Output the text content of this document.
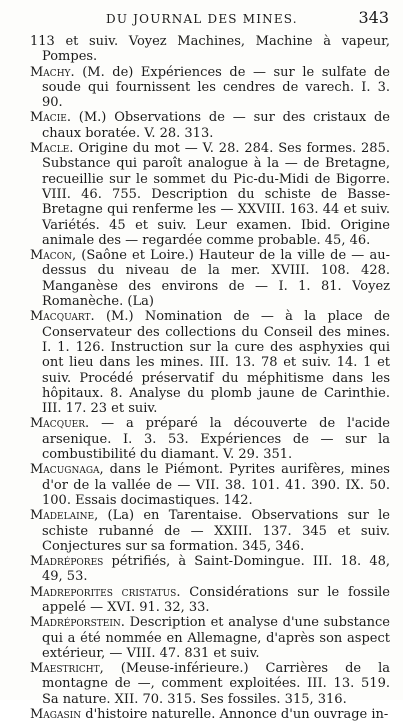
DU JOURNAL DES MINES.	343

113 et suiv. Voyez Machines, Machine à vapeur, Pompes.

Machy. (M. de) Expériences de — sur le sulfate de soude qui fournissent les cendres de varech. I. 3. 90.

Macie. (M.) Observations de — sur des cristaux de chaux boratée. V. 28. 313.

Macle. Origine du mot — V. 28. 284. Ses formes. 285. Substance qui paroît analogue à la — de Bretagne, recueillie sur le sommet du Pic-du-Midi de Bigorre. VIII. 46. 755. Description du schiste de Basse-Bretagne qui renferme les — XXVIII. 163. 44 et suiv. Variétés. 45 et suiv. Leur examen. Ibid. Origine animale des — regardée comme probable. 45, 46.

Macon, (Saône et Loire.) Hauteur de la ville de — au-dessus du niveau de la mer. XVIII. 108. 428. Manganèse des environs de — I. 1. 81. Voyez Romanèche. (La)

Macquart. (M.) Nomination de — à la place de Conservateur des collections du Conseil des mines. I. 1. 126. Instruction sur la cure des asphyxies qui ont lieu dans les mines. III. 13. 78 et suiv. 14. 1 et suiv. Procédé préservatif du méphitisme dans les hôpitaux. 8. Analyse du plomb jaune de Carinthie. III. 17. 23 et suiv.

Macquer. — a préparé la découverte de l'acide arsenique. I. 3. 53. Expériences de — sur la combustibilité du diamant. V. 29. 351.

Macugnaga, dans le Piémont. Pyrites aurifères, mines d'or de la vallée de — VII. 38. 101. 41. 390. IX. 50. 100. Essais docimastiques. 142.

Madelaine, (La) en Tarentaise. Observations sur le schiste rubanné de — XXIII. 137. 345 et suiv. Conjectures sur sa formation. 345, 346.

Madrépores pétrifiés, à Saint-Domingue. III. 18. 48, 49, 53.

Madreporites cristatus. Considérations sur le fossile appelé — XVI. 91. 32, 33.

Madréporstein. Description et analyse d'une substance qui a été nommée en Allemagne, d'après son aspect extérieur, — VIII. 47. 831 et suiv.

Maestricht, (Meuse-inférieure.) Carrières de la montagne de —, comment exploitées. III. 13. 519. Sa nature. XII. 70. 315. Ses fossiles. 315, 316.

Magasin d'histoire naturelle. Annonce d'un ouvrage in-
